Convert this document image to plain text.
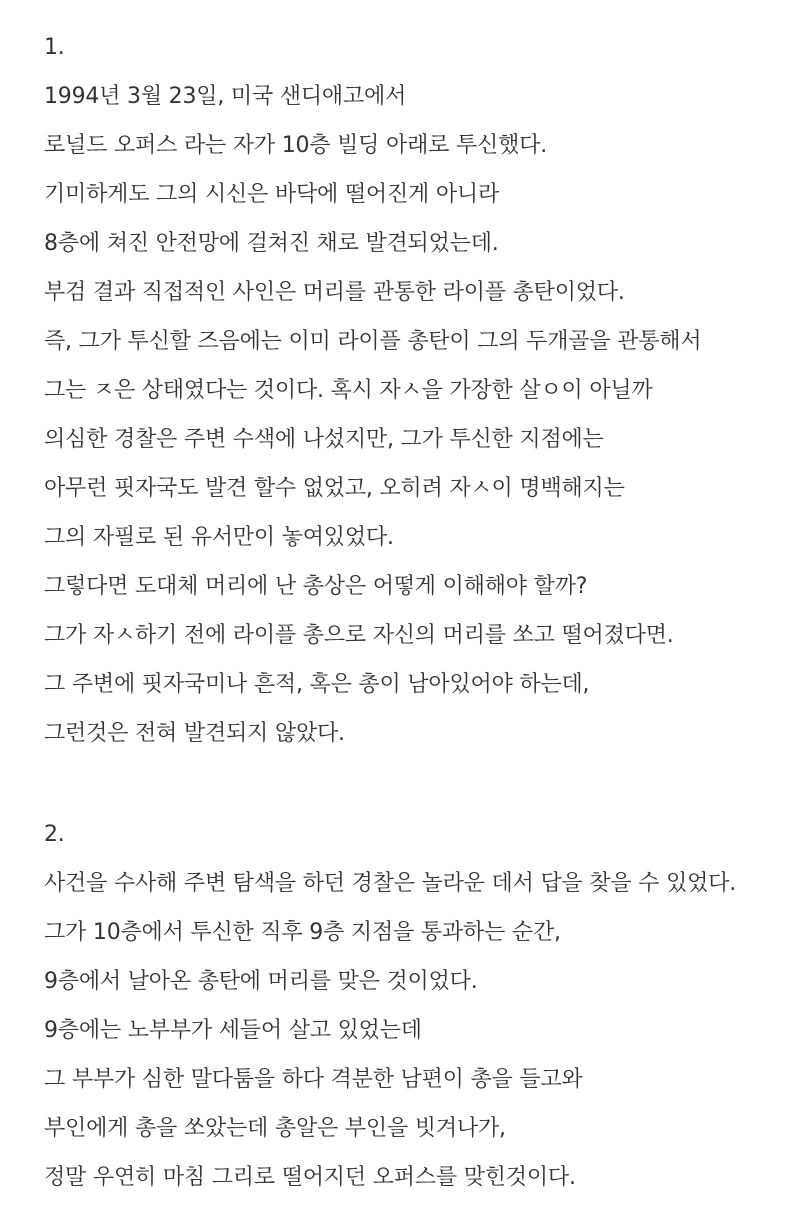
1.
1994년 3월 23일, 미국 샌디애고에서
로널드 오퍼스 라는 자가 10층 빌딩 아래로 투신했다.
기미하게도 그의 시신은 바닥에 떨어진게 아니라
8층에 쳐진 안전망에 걸쳐진 채로 발견되었는데.
부검 결과 직접적인 사인은 머리를 관통한 라이플 총탄이었다.
즉, 그가 투신할 즈음에는 이미 라이플 총탄이 그의 두개골을 관통해서
그는 ㅈ은 상태였다는 것이다. 혹시 자ㅅ을 가장한 살ㅇ이 아닐까
의심한 경찰은 주변 수색에 나섰지만, 그가 투신한 지점에는
아무런 핏자국도 발견 할수 없었고, 오히려 자ㅅ이 명백해지는
그의 자필로 된 유서만이 놓여있었다.
그렇다면 도대체 머리에 난 총상은 어떻게 이해해야 할까?
그가 자ㅅ하기 전에 라이플 총으로 자신의 머리를 쏘고 떨어졌다면.
그 주변에 핏자국미나 흔적, 혹은 총이 남아있어야 하는데,
그런것은 전혀 발견되지 않았다.
2.
사건을 수사해 주변 탐색을 하던 경찰은 놀라운 데서 답을 찾을 수 있었다.
그가 10층에서 투신한 직후 9층 지점을 통과하는 순간,
9층에서 날아온 총탄에 머리를 맞은 것이었다.
9층에는 노부부가 세들어 살고 있었는데
그 부부가 심한 말다툼을 하다 격분한 남편이 총을 들고와
부인에게 총을 쏘았는데 총알은 부인을 빗겨나가,
정말 우연히 마침 그리로 떨어지던 오퍼스를 맞힌것이다.
